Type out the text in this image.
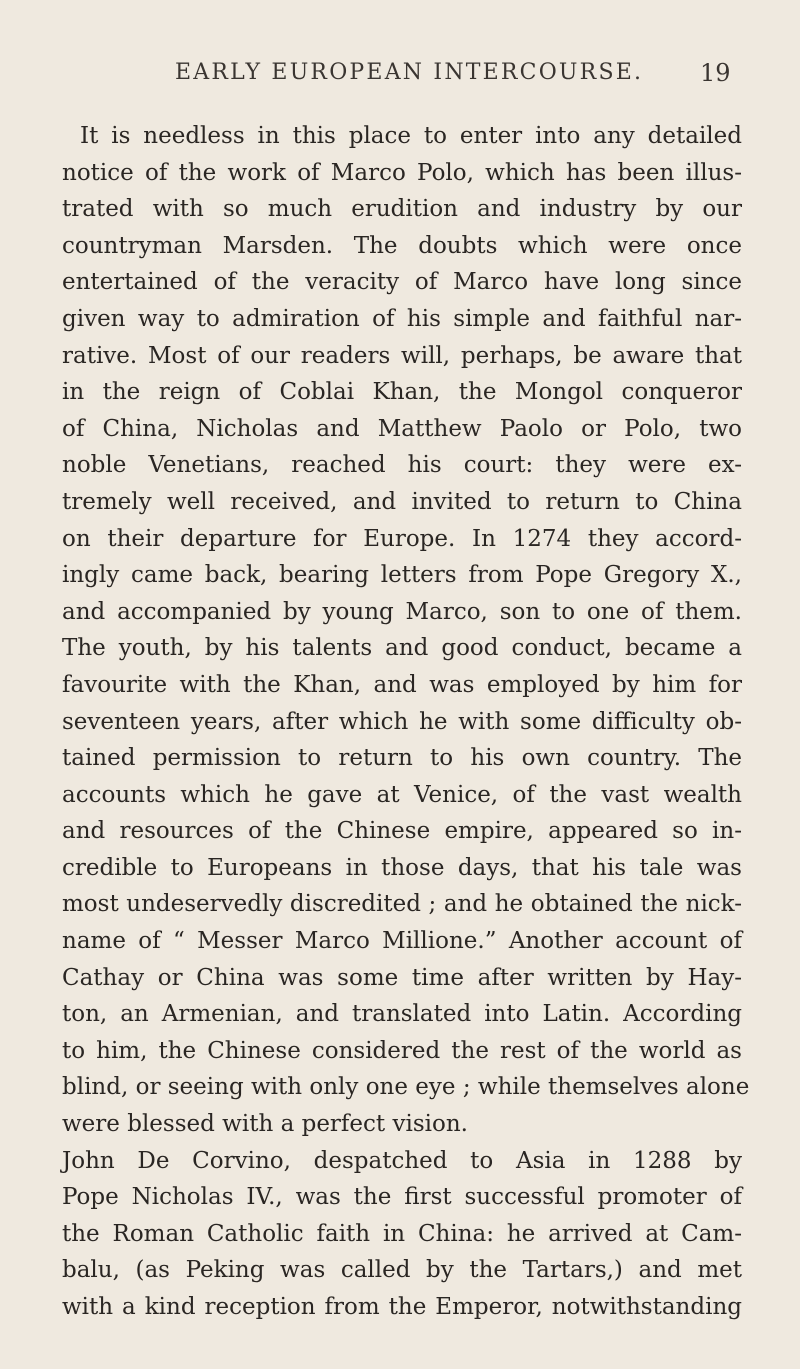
EARLY EUROPEAN INTERCOURSE. 19
It is needless in this place to enter into any detailed
notice of the work of Marco Polo, which has been illus-
trated with so much erudition and industry by our
countryman Marsden. The doubts which were once
entertained of the veracity of Marco have long since
given way to admiration of his simple and faithful nar-
rative. Most of our readers will, perhaps, be aware that
in the reign of Coblai Khan, the Mongol conqueror
of China, Nicholas and Matthew Paolo or Polo, two
noble Venetians, reached his court: they were ex-
tremely well received, and invited to return to China
on their departure for Europe. In 1274 they accord-
ingly came back, bearing letters from Pope Gregory X.,
and accompanied by young Marco, son to one of them.
The youth, by his talents and good conduct, became a
favourite with the Khan, and was employed by him for
seventeen years, after which he with some difficulty ob-
tained permission to return to his own country. The
accounts which he gave at Venice, of the vast wealth
and resources of the Chinese empire, appeared so in-
credible to Europeans in those days, that his tale was
most undeservedly discredited ; and he obtained the nick-
name of “ Messer Marco Millione.” Another account of
Cathay or China was some time after written by Hay-
ton, an Armenian, and translated into Latin. According
to him, the Chinese considered the rest of the world as
blind, or seeing with only one eye ; while themselves alone
were blessed with a perfect vision.
John De Corvino, despatched to Asia in 1288 by
Pope Nicholas IV., was the first successful promoter of
the Roman Catholic faith in China: he arrived at Cam-
balu, (as Peking was called by the Tartars,) and met
with a kind reception from the Emperor, notwithstanding
